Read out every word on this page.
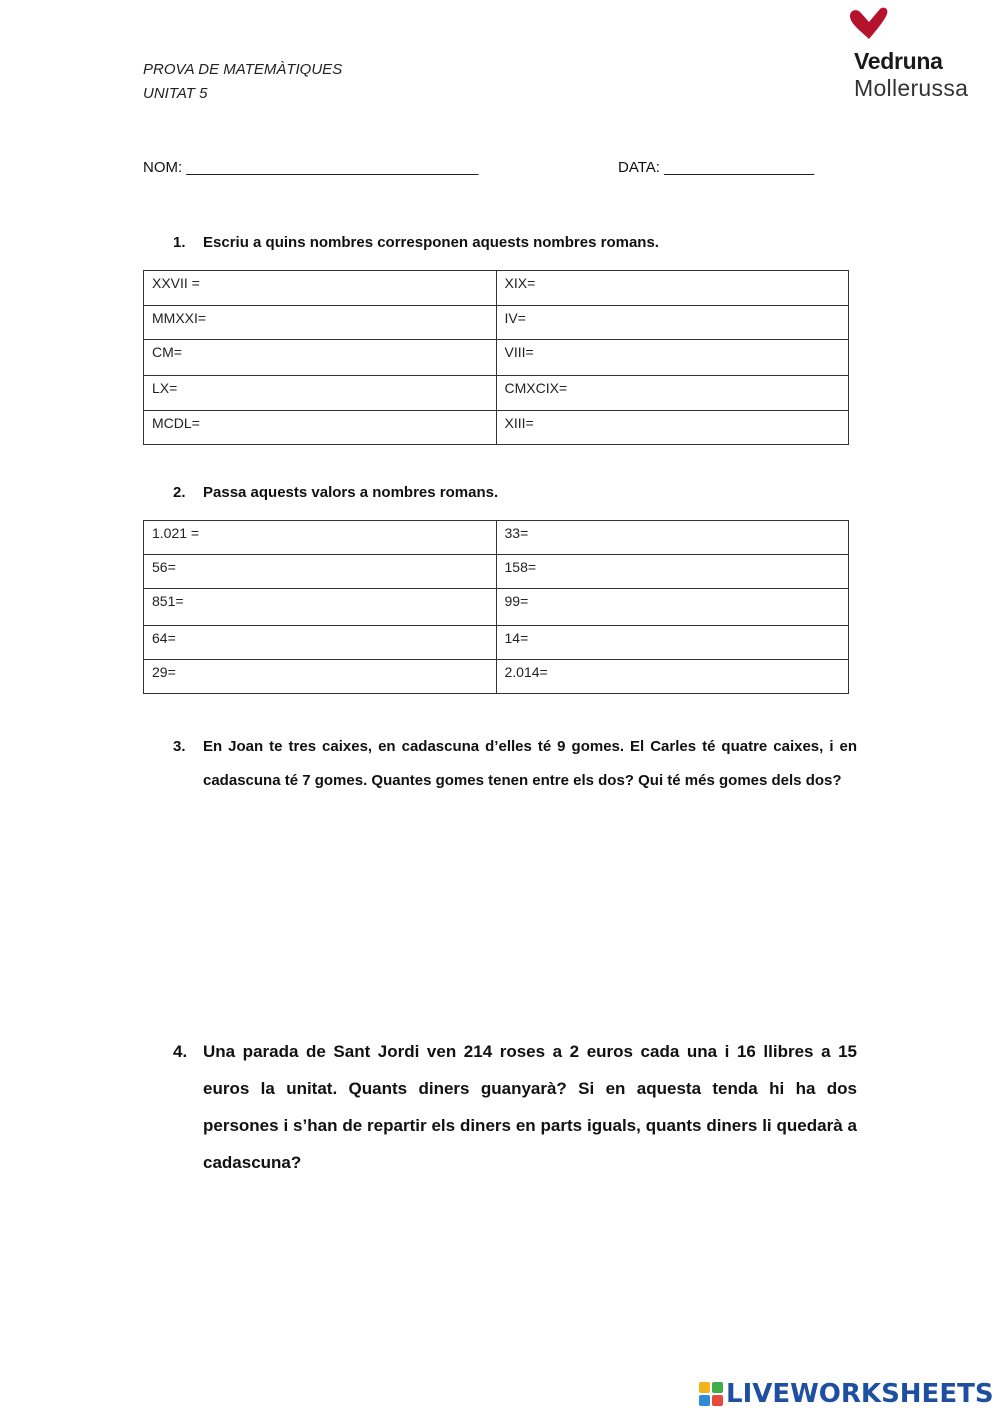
PROVA DE MATEMÀTIQUES
UNITAT 5
Vedruna
Mollerussa
NOM: ___________________________________	DATA: __________________
1. Escriu a quins nombres corresponen aquests nombres romans.
XXVII =	XIX=
MMXXI=	IV=
CM=	VIII=
LX=	CMXCIX=
MCDL=	XIII=
2. Passa aquests valors a nombres romans.
1.021 =	33=
56=	158=
851=	99=
64=	14=
29=	2.014=
3.	En Joan te tres caixes, en cadascuna d’elles té 9 gomes. El Carles té quatre caixes, i en cadascuna té 7 gomes. Quantes gomes tenen entre els dos? Qui té més gomes dels dos?
4. Una parada de Sant Jordi ven 214 roses a 2 euros cada una i 16 llibres a 15 euros la unitat. Quants diners guanyarà? Si en aquesta tenda hi ha dos persones i s’han de repartir els diners en parts iguals, quants diners li quedarà a cadascuna?
LIVEWORKSHEETS
